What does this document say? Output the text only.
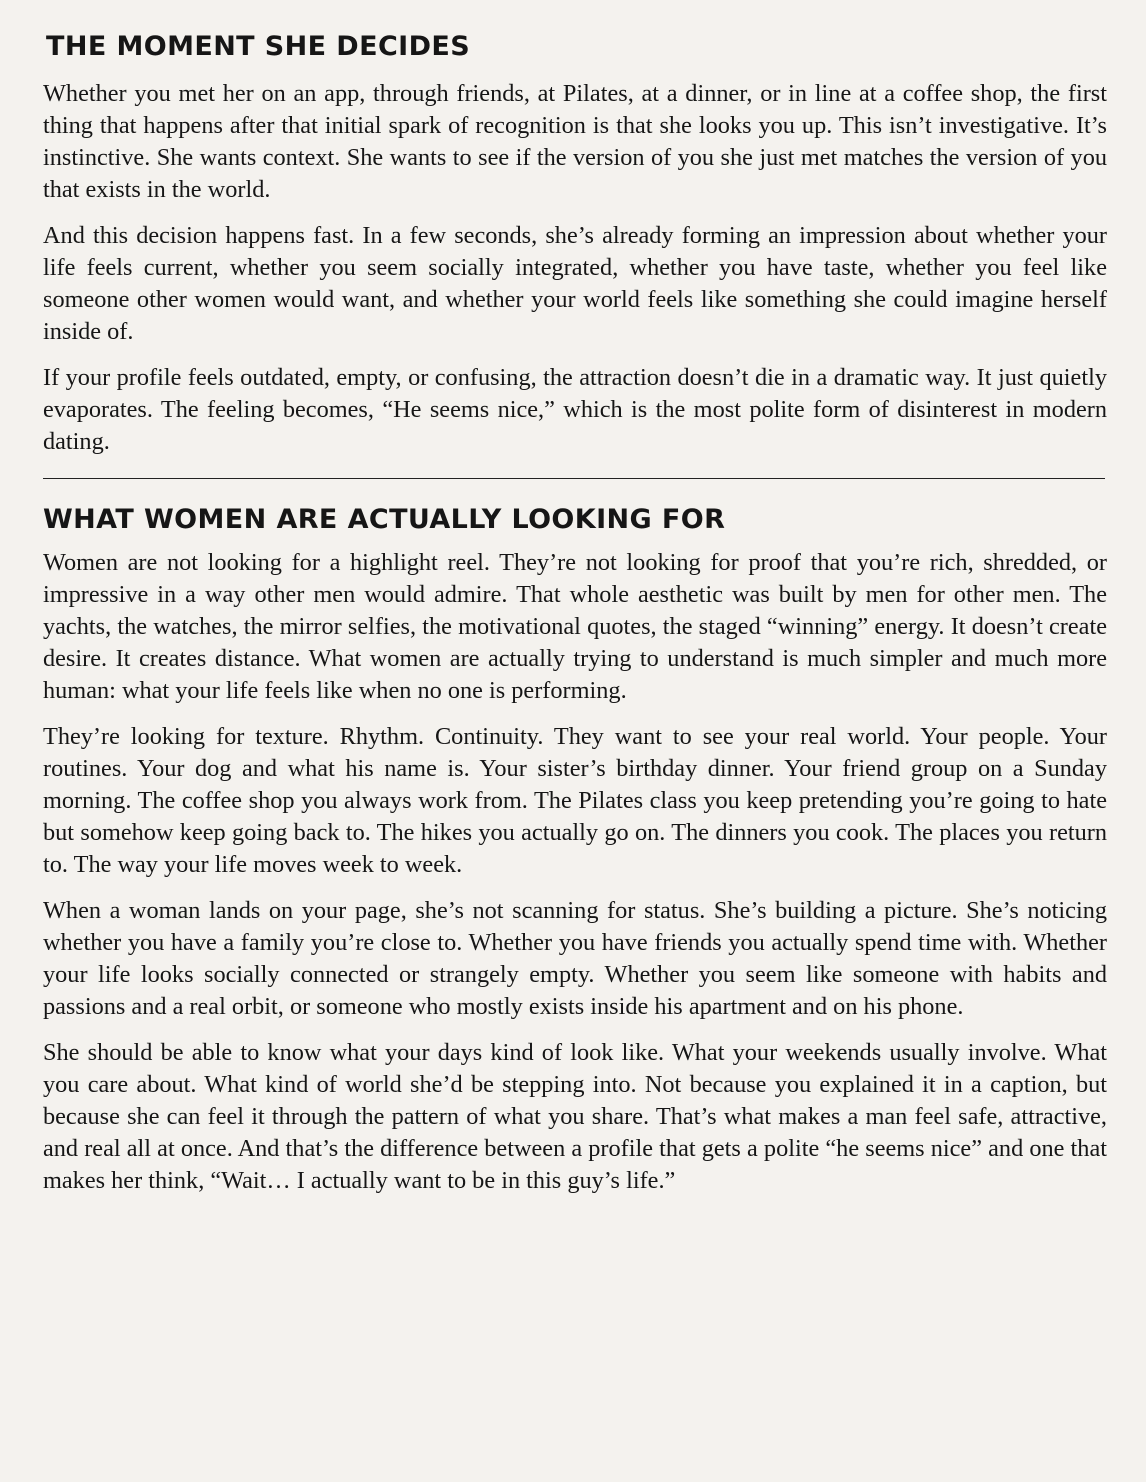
THE MOMENT SHE DECIDES

Whether you met her on an app, through friends, at Pilates, at a dinner, or in line at a coffee shop, the first thing that happens after that initial spark of recognition is that she looks you up. This isn’t investigative. It’s instinctive. She wants context. She wants to see if the version of you she just met matches the version of you that exists in the world.

And this decision happens fast. In a few seconds, she’s already forming an impression about whether your life feels current, whether you seem socially integrated, whether you have taste, whether you feel like someone other women would want, and whether your world feels like something she could imagine herself inside of.

If your profile feels outdated, empty, or confusing, the attraction doesn’t die in a dramatic way. It just quietly evaporates. The feeling becomes, “He seems nice,” which is the most polite form of disinterest in modern dating.

WHAT WOMEN ARE ACTUALLY LOOKING FOR

Women are not looking for a highlight reel. They’re not looking for proof that you’re rich, shredded, or impressive in a way other men would admire. That whole aesthetic was built by men for other men. The yachts, the watches, the mirror selfies, the motivational quotes, the staged “winning” energy. It doesn’t create desire. It creates distance. What women are actually trying to understand is much simpler and much more human: what your life feels like when no one is performing.

They’re looking for texture. Rhythm. Continuity. They want to see your real world. Your people. Your routines. Your dog and what his name is. Your sister’s birthday dinner. Your friend group on a Sunday morning. The coffee shop you always work from. The Pilates class you keep pretending you’re going to hate but somehow keep going back to. The hikes you actually go on. The dinners you cook. The places you return to. The way your life moves week to week.

When a woman lands on your page, she’s not scanning for status. She’s building a picture. She’s noticing whether you have a family you’re close to. Whether you have friends you actually spend time with. Whether your life looks socially connected or strangely empty. Whether you seem like someone with habits and passions and a real orbit, or someone who mostly exists inside his apartment and on his phone.

She should be able to know what your days kind of look like. What your weekends usually involve. What you care about. What kind of world she’d be stepping into. Not because you explained it in a caption, but because she can feel it through the pattern of what you share. That’s what makes a man feel safe, attractive, and real all at once. And that’s the difference between a profile that gets a polite “he seems nice” and one that makes her think, “Wait… I actually want to be in this guy’s life.”
